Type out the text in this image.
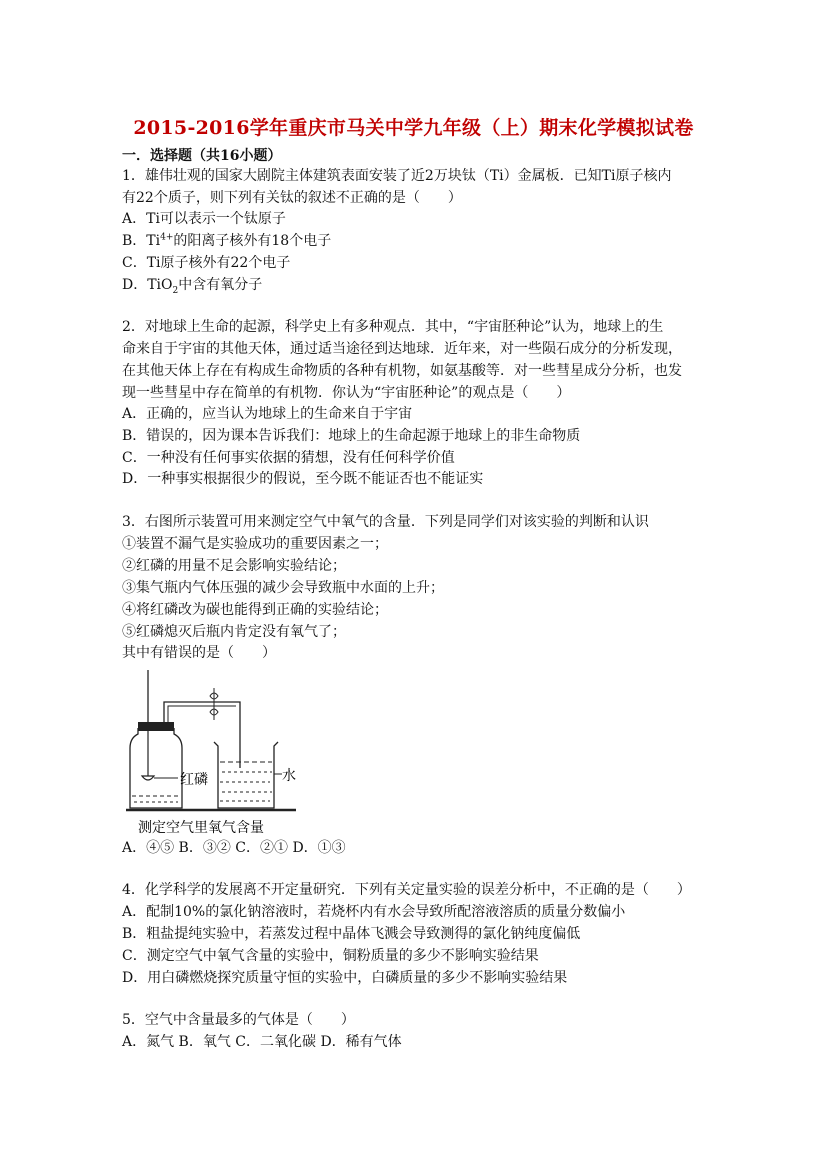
2015-2016学年重庆市马关中学九年级（上）期末化学模拟试卷
一．选择题（共16小题）
1．雄伟壮观的国家大剧院主体建筑表面安装了近2万块钛（Ti）金属板．已知Ti原子核内
有22个质子，则下列有关钛的叙述不正确的是（　　）
A．Ti可以表示一个钛原子
B．$Ti^{4+}$的阳离子核外有18个电子
C．Ti原子核外有22个电子
D．TiO$_2$中含有氧分子
2．对地球上生命的起源，科学史上有多种观点．其中，“宇宙胚种论”认为，地球上的生
命来自于宇宙的其他天体，通过适当途径到达地球．近年来，对一些陨石成分的分析发现，
在其他天体上存在有构成生命物质的各种有机物，如氨基酸等．对一些彗星成分分析，也发
现一些彗星中存在简单的有机物．你认为“宇宙胚种论”的观点是（　　）
A．正确的，应当认为地球上的生命来自于宇宙
B．错误的，因为课本告诉我们：地球上的生命起源于地球上的非生命物质
C．一种没有任何事实依据的猜想，没有任何科学价值
D．一种事实根据很少的假说，至今既不能证否也不能证实
3．右图所示装置可用来测定空气中氧气的含量．下列是同学们对该实验的判断和认识
①装置不漏气是实验成功的重要因素之一；
②红磷的用量不足会影响实验结论；
③集气瓶内气体压强的减少会导致瓶中水面的上升；
④将红磷改为碳也能得到正确的实验结论；
⑤红磷熄灭后瓶内肯定没有氧气了；
其中有错误的是（　　）
红磷	水
测定空气里氧气含量
A．④⑤ B．③② C．②① D．①③
4．化学科学的发展离不开定量研究．下列有关定量实验的误差分析中，不正确的是（　　）
A．配制10%的氯化钠溶液时，若烧杯内有水会导致所配溶液溶质的质量分数偏小
B．粗盐提纯实验中，若蒸发过程中晶体飞溅会导致测得的氯化钠纯度偏低
C．测定空气中氧气含量的实验中，铜粉质量的多少不影响实验结果
D．用白磷燃烧探究质量守恒的实验中，白磷质量的多少不影响实验结果
5．空气中含量最多的气体是（　　）
A．氮气 B．氧气 C．二氧化碳 D．稀有气体
